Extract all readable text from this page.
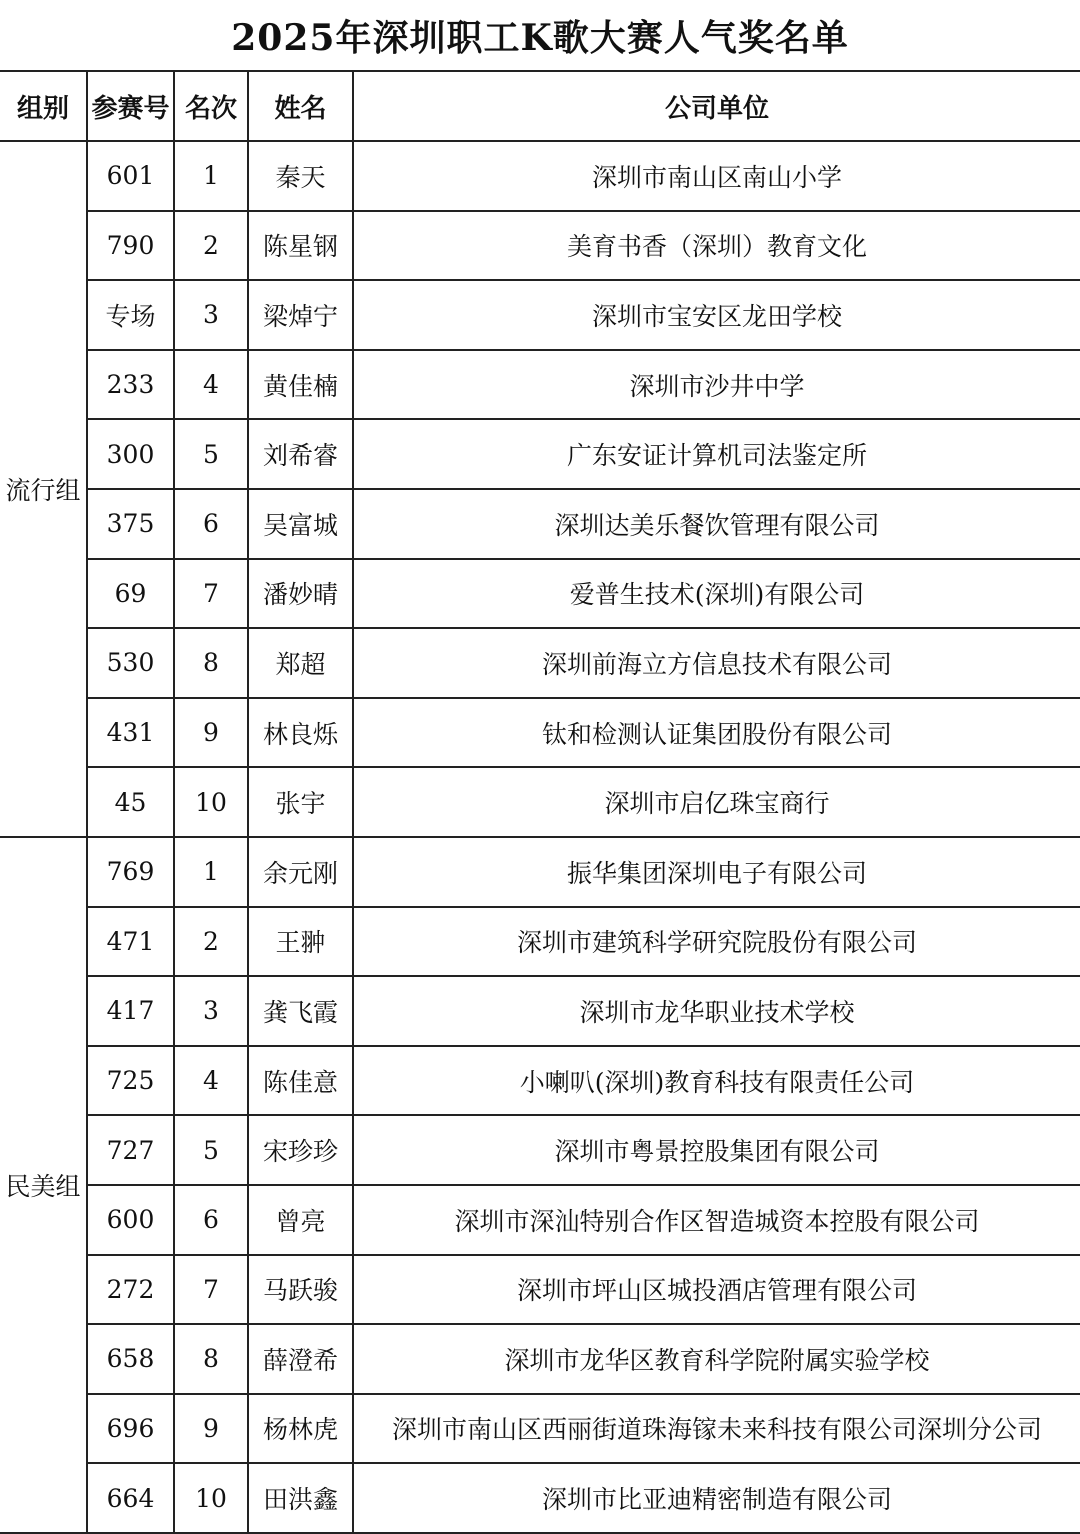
2025年深圳职工K歌大赛人气奖名单
组别	参赛号	名次	姓名	公司单位
流行组	601	1	秦天	深圳市南山区南山小学
	790	2	陈星钢	美育书香（深圳）教育文化
	专场	3	梁焯宁	深圳市宝安区龙田学校
	233	4	黄佳楠	深圳市沙井中学
	300	5	刘希睿	广东安证计算机司法鉴定所
	375	6	吴富城	深圳达美乐餐饮管理有限公司
	69	7	潘妙晴	爱普生技术(深圳)有限公司
	530	8	郑超	深圳前海立方信息技术有限公司
	431	9	林良烁	钛和检测认证集团股份有限公司
	45	10	张宇	深圳市启亿珠宝商行
民美组	769	1	余元刚	振华集团深圳电子有限公司
	471	2	王翀	深圳市建筑科学研究院股份有限公司
	417	3	龚飞霞	深圳市龙华职业技术学校
	725	4	陈佳意	小喇叭(深圳)教育科技有限责任公司
	727	5	宋珍珍	深圳市粤景控股集团有限公司
	600	6	曾亮	深圳市深汕特别合作区智造城资本控股有限公司
	272	7	马跃骏	深圳市坪山区城投酒店管理有限公司
	658	8	薛澄希	深圳市龙华区教育科学院附属实验学校
	696	9	杨林虎	深圳市南山区西丽街道珠海镓未来科技有限公司深圳分公司
	664	10	田洪鑫	深圳市比亚迪精密制造有限公司
